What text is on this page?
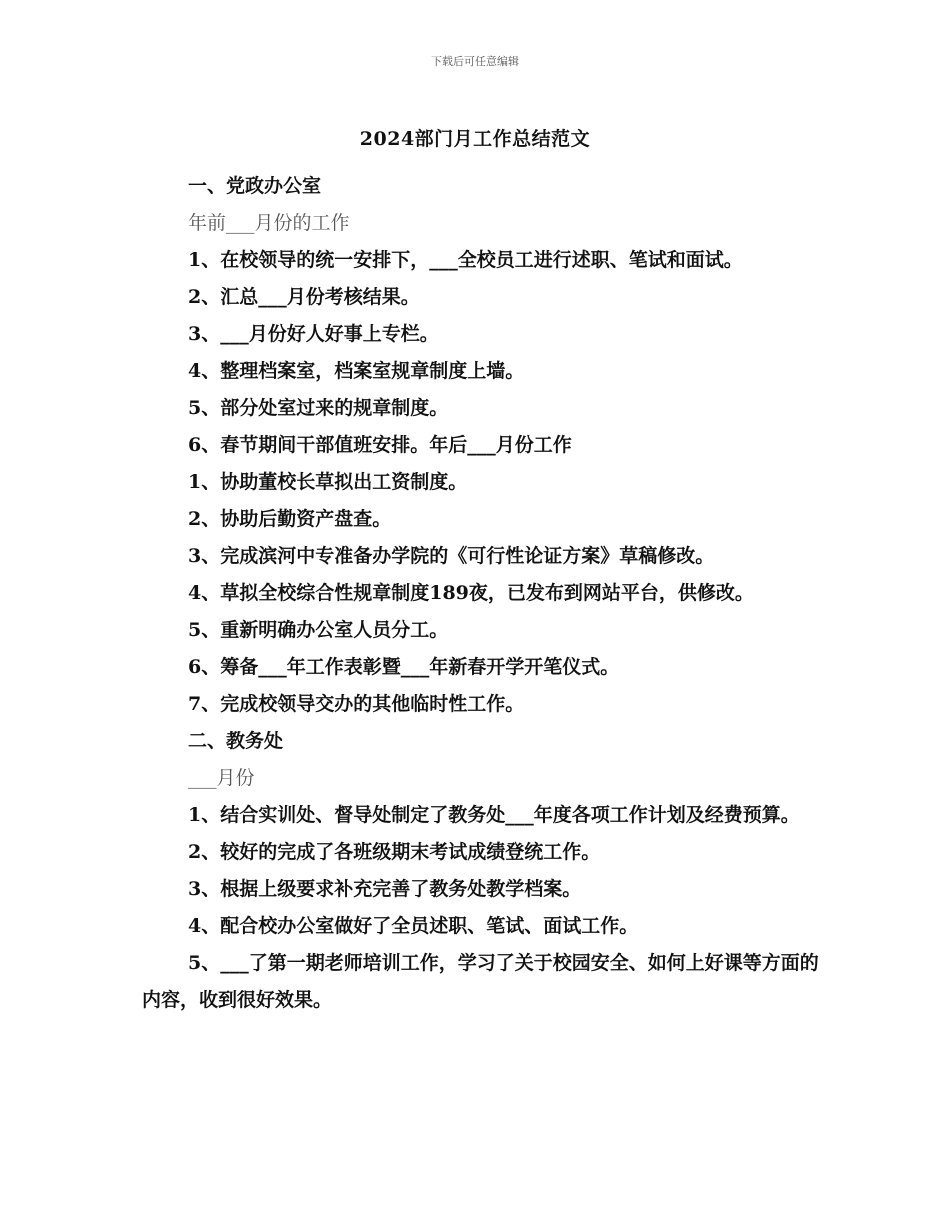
下载后可任意编辑
2024部门月工作总结范文
一、党政办公室
年前___月份的工作
1、在校领导的统一安排下，___全校员工进行述职、笔试和面试。
2、汇总___月份考核结果。
3、___月份好人好事上专栏。
4、整理档案室，档案室规章制度上墙。
5、部分处室过来的规章制度。
6、春节期间干部值班安排。年后___月份工作
1、协助董校长草拟出工资制度。
2、协助后勤资产盘查。
3、完成滨河中专准备办学院的《可行性论证方案》草稿修改。
4、草拟全校综合性规章制度189夜，已发布到网站平台，供修改。
5、重新明确办公室人员分工。
6、筹备___年工作表彰暨___年新春开学开笔仪式。
7、完成校领导交办的其他临时性工作。
二、教务处
___月份
1、结合实训处、督导处制定了教务处___年度各项工作计划及经费预算。
2、较好的完成了各班级期末考试成绩登统工作。
3、根据上级要求补充完善了教务处教学档案。
4、配合校办公室做好了全员述职、笔试、面试工作。
5、___了第一期老师培训工作，学习了关于校园安全、如何上好课等方面的内容，收到很好效果。
